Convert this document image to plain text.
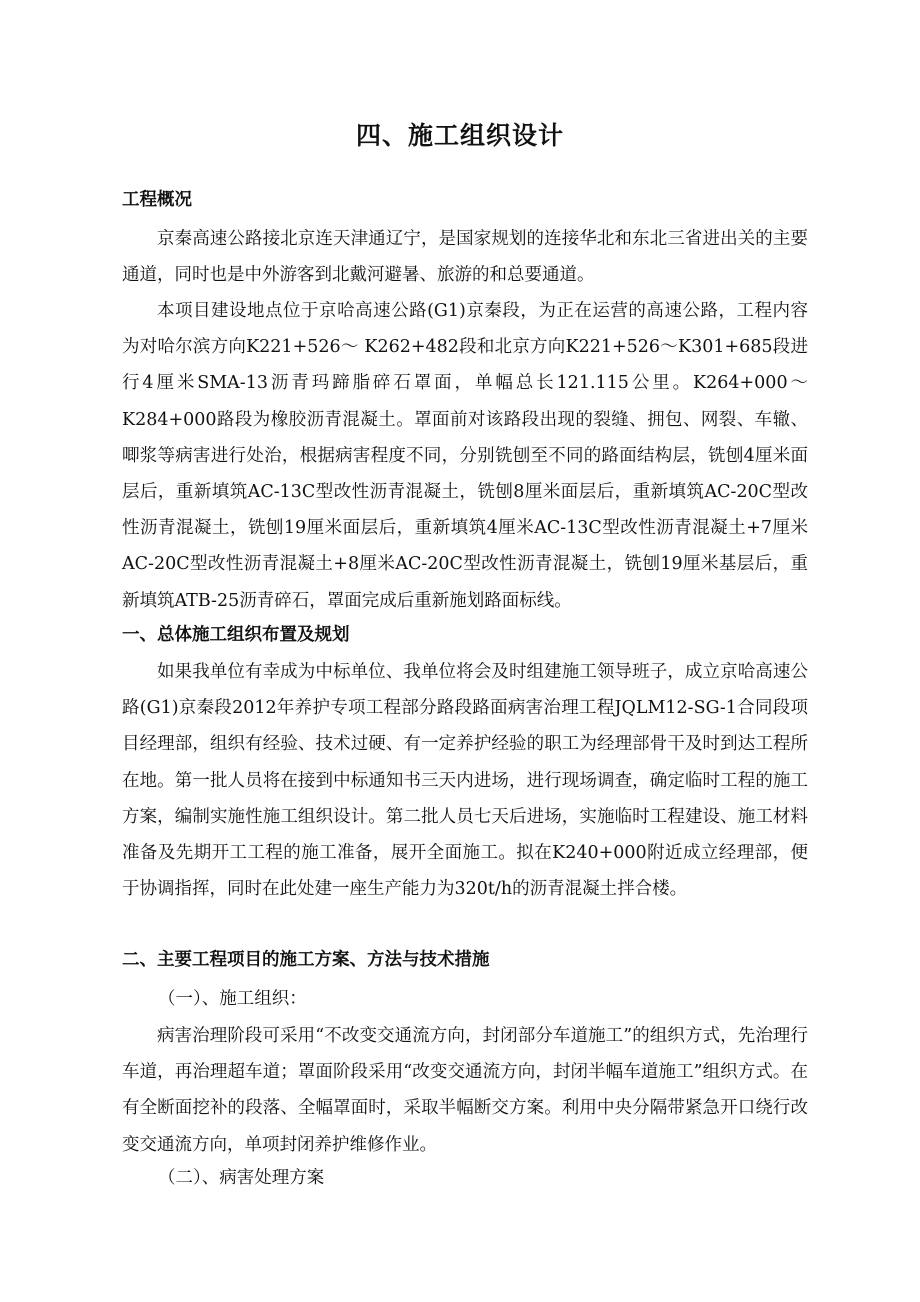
四、施工组织设计
工程概况
京秦高速公路接北京连天津通辽宁，是国家规划的连接华北和东北三省进出关的主要通道，同时也是中外游客到北戴河避暑、旅游的和总要通道。
本项目建设地点位于京哈高速公路(G1)京秦段，为正在运营的高速公路，工程内容为对哈尔滨方向K221+526～ K262+482段和北京方向K221+526～K301+685段进行4厘米SMA-13沥青玛蹄脂碎石罩面，单幅总长121.115公里。K264+000～K284+000路段为橡胶沥青混凝土。罩面前对该路段出现的裂缝、拥包、网裂、车辙、唧浆等病害进行处治，根据病害程度不同，分别铣刨至不同的路面结构层，铣刨4厘米面层后，重新填筑AC-13C型改性沥青混凝土，铣刨8厘米面层后，重新填筑AC-20C型改性沥青混凝土，铣刨19厘米面层后，重新填筑4厘米AC-13C型改性沥青混凝土+7厘米AC-20C型改性沥青混凝土+8厘米AC-20C型改性沥青混凝土，铣刨19厘米基层后，重新填筑ATB-25沥青碎石，罩面完成后重新施划路面标线。
一、总体施工组织布置及规划
如果我单位有幸成为中标单位、我单位将会及时组建施工领导班子，成立京哈高速公路(G1)京秦段2012年养护专项工程部分路段路面病害治理工程JQLM12-SG-1合同段项目经理部，组织有经验、技术过硬、有一定养护经验的职工为经理部骨干及时到达工程所在地。第一批人员将在接到中标通知书三天内进场，进行现场调查，确定临时工程的施工方案，编制实施性施工组织设计。第二批人员七天后进场，实施临时工程建设、施工材料准备及先期开工工程的施工准备，展开全面施工。拟在K240+000附近成立经理部，便于协调指挥，同时在此处建一座生产能力为320t/h的沥青混凝土拌合楼。
二、主要工程项目的施工方案、方法与技术措施
（一）、施工组织：
病害治理阶段可采用“不改变交通流方向，封闭部分车道施工”的组织方式，先治理行车道，再治理超车道；罩面阶段采用“改变交通流方向，封闭半幅车道施工”组织方式。在有全断面挖补的段落、全幅罩面时，采取半幅断交方案。利用中央分隔带紧急开口绕行改变交通流方向，单项封闭养护维修作业。
（二）、病害处理方案
